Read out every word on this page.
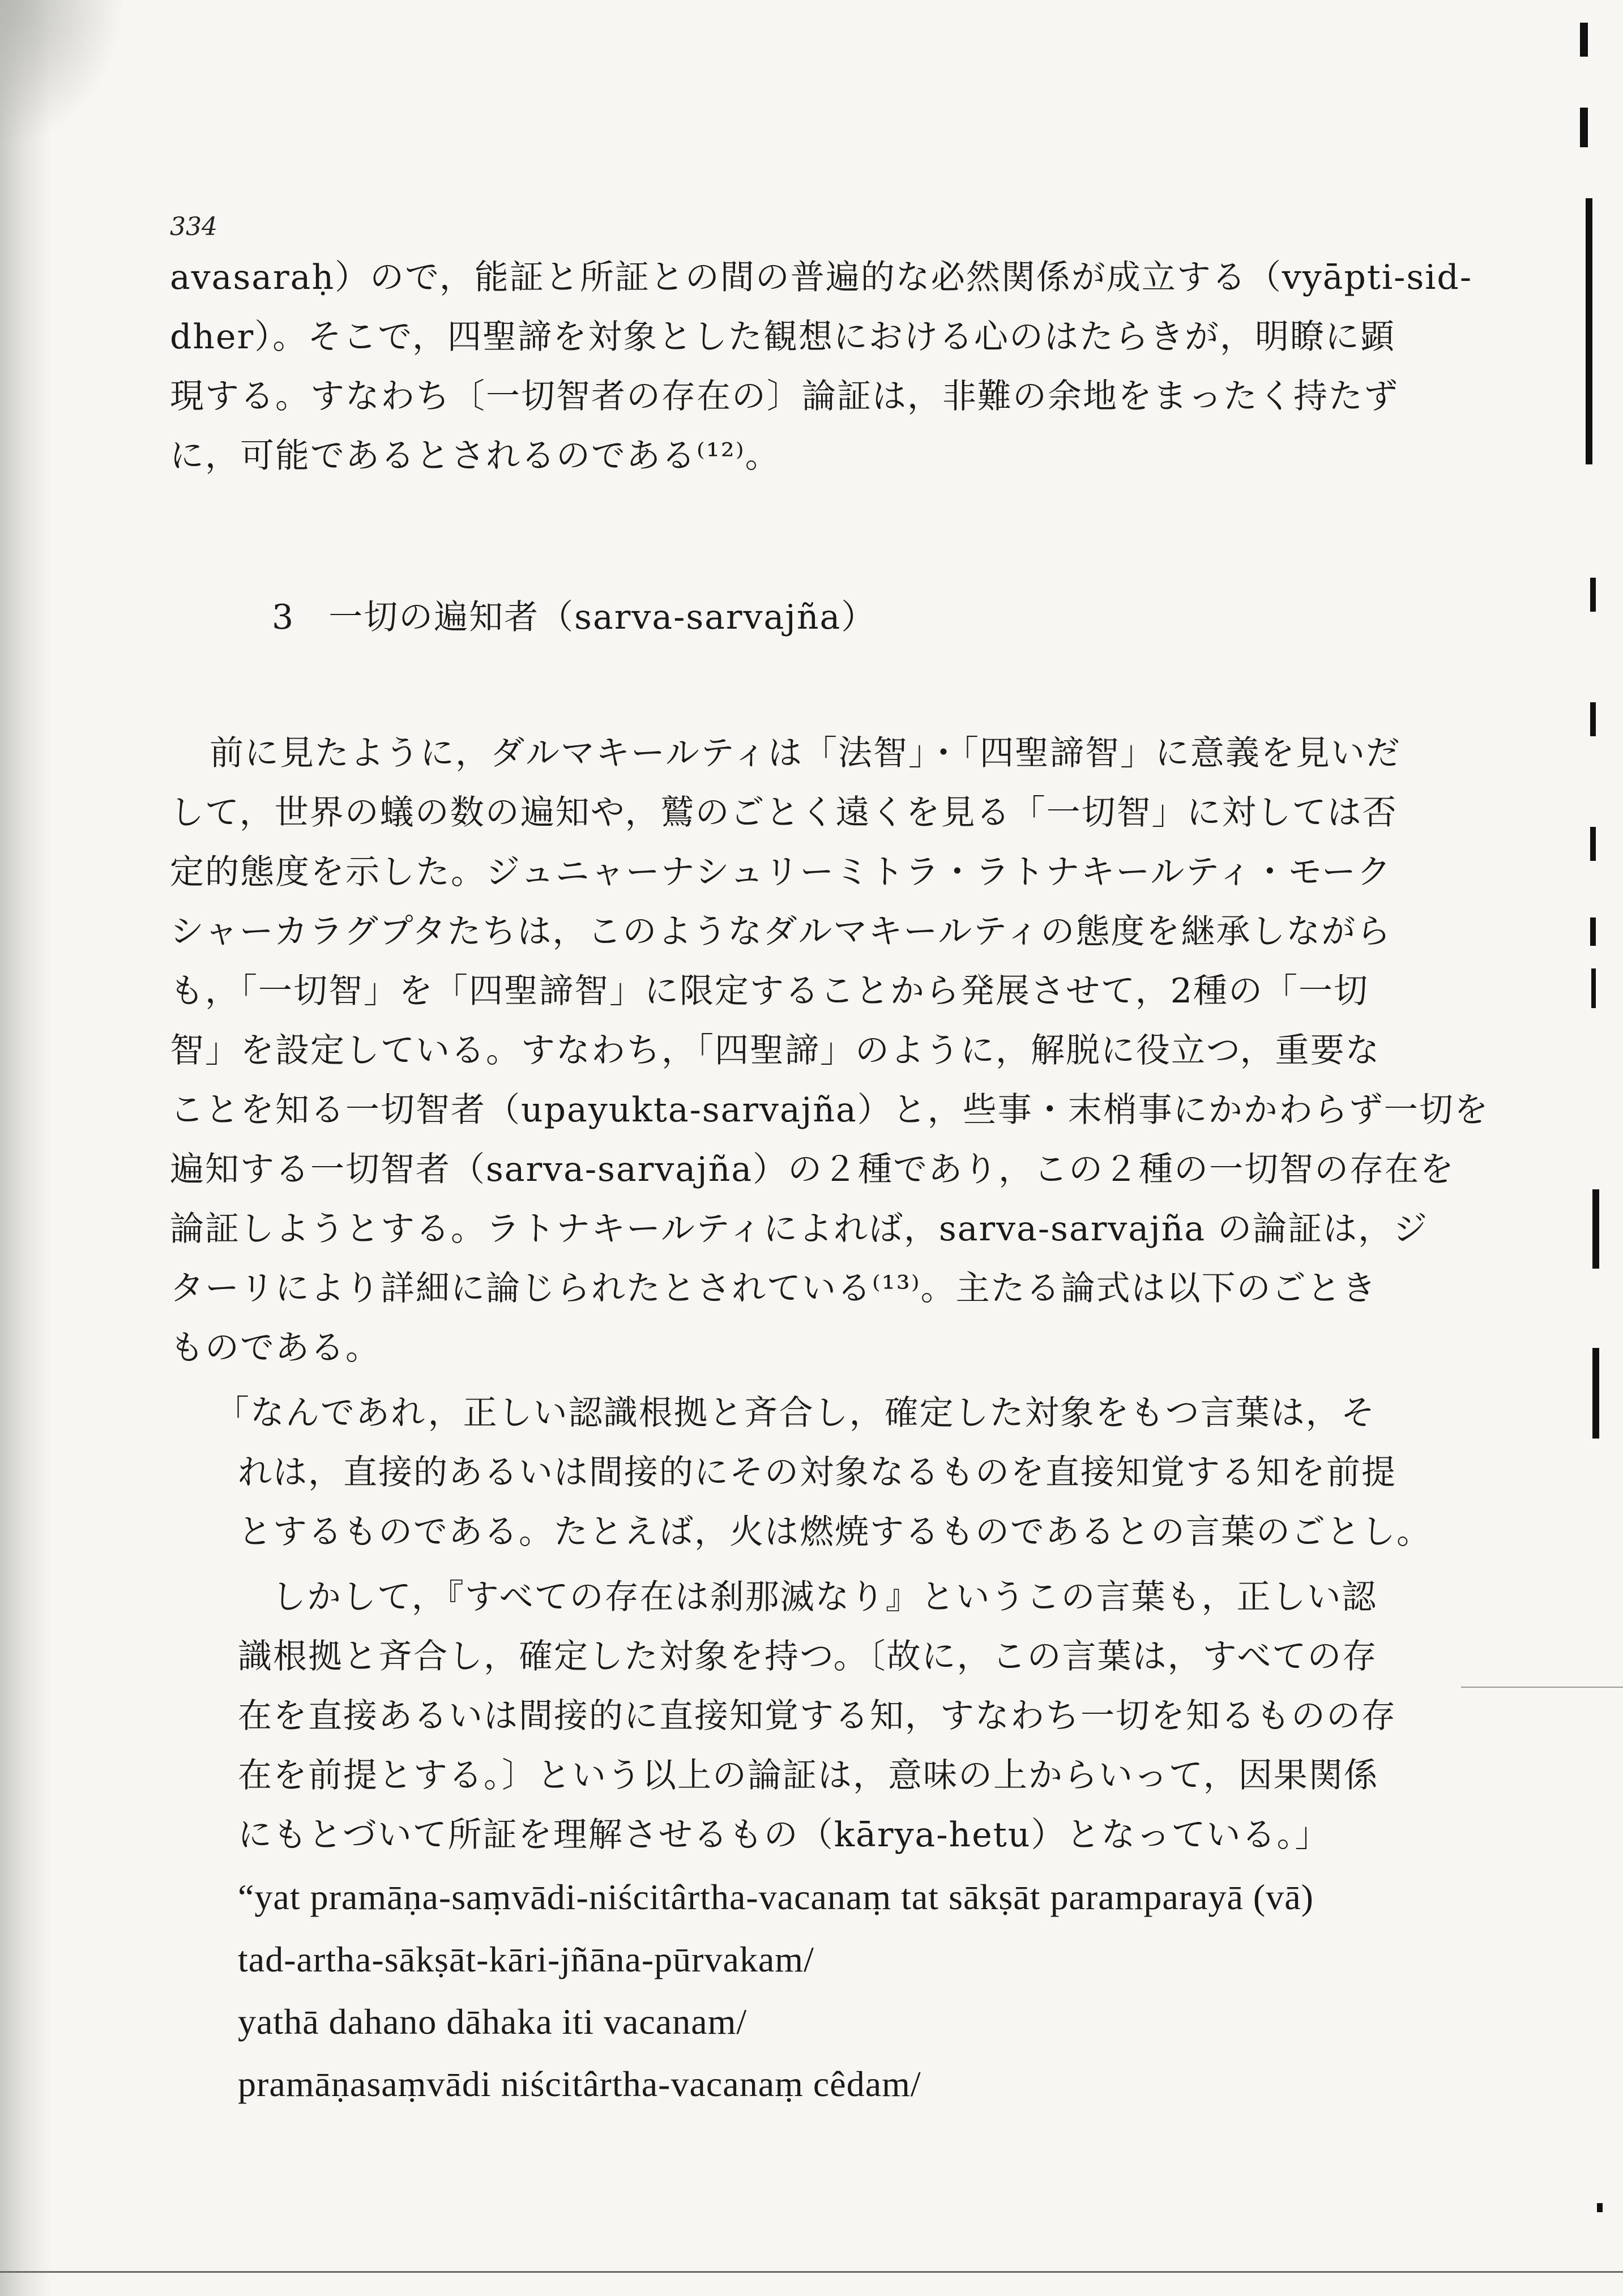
334
avasaraḥ）ので，能証と所証との間の普遍的な必然関係が成立する（vyāpti-sid-
dher）。そこで，四聖諦を対象とした観想における心のはたらきが，明瞭に顕
現する。すなわち〔一切智者の存在の〕論証は，非難の余地をまったく持たず
に，可能であるとされるのである⁽¹²⁾。
3 一切の遍知者（sarva-sarvajña）
前に見たように，ダルマキールティは「法智」・「四聖諦智」に意義を見いだ
して，世界の蟻の数の遍知や，鷲のごとく遠くを見る「一切智」に対しては否
定的態度を示した。ジュニャーナシュリーミトラ・ラトナキールティ・モーク
シャーカラグプタたちは，このようなダルマキールティの態度を継承しながら
も，「一切智」を「四聖諦智」に限定することから発展させて，2種の「一切
智」を設定している。すなわち，「四聖諦」のように，解脱に役立つ，重要な
ことを知る一切智者（upayukta-sarvajña）と，些事・末梢事にかかわらず一切を
遍知する一切智者（sarva-sarvajña）の２種であり，この２種の一切智の存在を
論証しようとする。ラトナキールティによれば，sarva-sarvajña の論証は，ジ
ターリにより詳細に論じられたとされている⁽¹³⁾。主たる論式は以下のごとき
ものである。
「なんであれ，正しい認識根拠と斉合し，確定した対象をもつ言葉は，そ
れは，直接的あるいは間接的にその対象なるものを直接知覚する知を前提
とするものである。たとえば，火は燃焼するものであるとの言葉のごとし。
しかして，『すべての存在は刹那滅なり』というこの言葉も，正しい認
識根拠と斉合し，確定した対象を持つ。〔故に，この言葉は，すべての存
在を直接あるいは間接的に直接知覚する知，すなわち一切を知るものの存
在を前提とする。〕という以上の論証は，意味の上からいって，因果関係
にもとづいて所証を理解させるもの（kārya-hetu）となっている。」
“yat pramāṇa-saṃvādi-niścitârtha-vacanaṃ tat sākṣāt paramparayā (vā)
tad-artha-sākṣāt-kāri-jñāna-pūrvakam/
yathā dahano dāhaka iti vacanam/
pramāṇasaṃvādi niścitârtha-vacanaṃ cêdam/
